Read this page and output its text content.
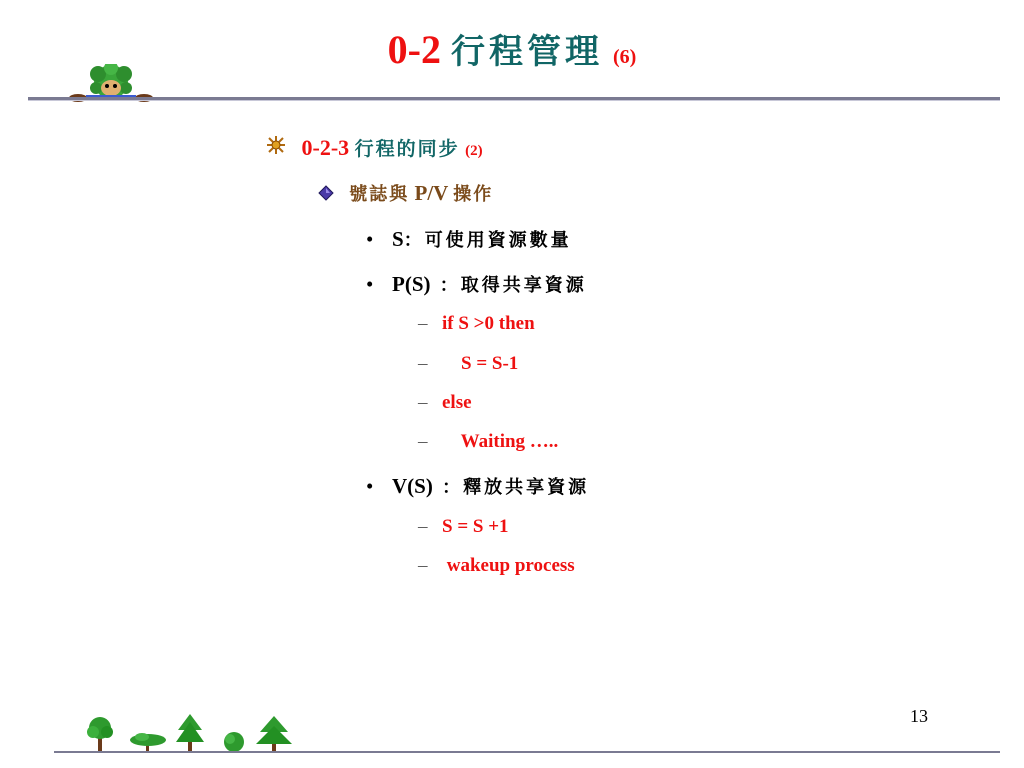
0-2 行程管理 (6)
0-2-3 行程的同步 (2)
號誌與 P/V 操作
• S：可使用資源數量
• P(S) ：取得共享資源
– if S >0 then
–    S = S-1
– else
–    Waiting …..
• V(S) ：釋放共享資源
– S = S +1
– wakeup process
13
